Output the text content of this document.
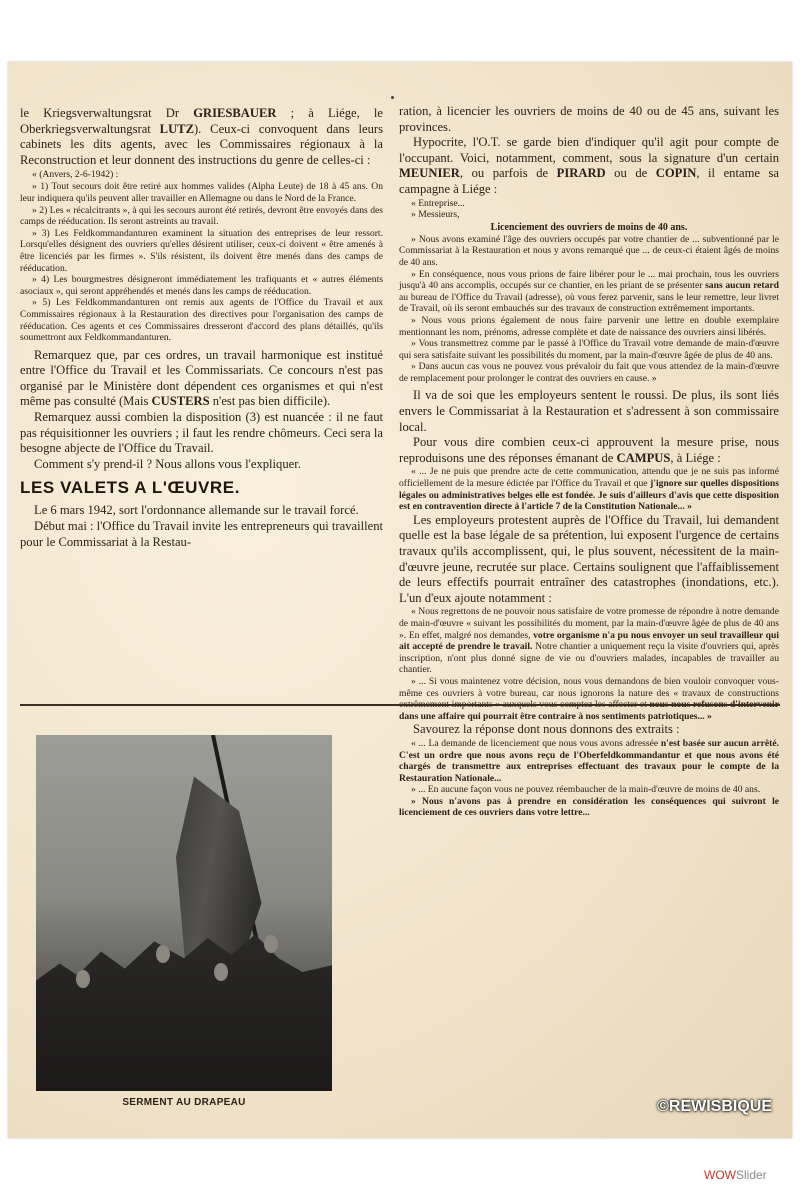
le Kriegsverwaltungsrat Dr GRIESBAUER ; à Liége, le Oberkriegsverwaltungsrat LUTZ). Ceux-ci convoquent dans leurs cabinets les dits agents, avec les Commissaires régionaux à la Reconstruction et leur donnent des instructions du genre de celles-ci :

« (Anvers, 2-6-1942) :

» 1) Tout secours doit être retiré aux hommes valides (Alpha Leute) de 18 à 45 ans. On leur indiquera qu'ils peuvent aller travailler en Allemagne ou dans le Nord de la France.

» 2) Les « récalcitrants », à qui les secours auront été retirés, devront être envoyés dans des camps de rééducation. Ils seront astreints au travail.

» 3) Les Feldkommandanturen examinent la situation des entreprises de leur ressort. Lorsqu'elles désignent des ouvriers qu'elles désirent utiliser, ceux-ci doivent « être amenés à être licenciés par les firmes ». S'ils résistent, ils doivent être menés dans des camps de rééducation.

» 4) Les bourgmestres désigneront immédiatement les trafiquants et « autres éléments asociaux », qui seront appréhendés et menés dans les camps de rééducation.

» 5) Les Feldkommandanturen ont remis aux agents de l'Office du Travail et aux Commissaires régionaux à la Restauration des directives pour l'organisation des camps de rééducation. Ces agents et ces Commissaires dresseront d'accord des plans détaillés, qu'ils soumettront aux Feldkommandanturen.

Remarquez que, par ces ordres, un travail harmonique est institué entre l'Office du Travail et les Commissariats. Ce concours n'est pas organisé par le Ministère dont dépendent ces organismes et qui n'est même pas consulté (Mais CUSTERS n'est pas bien difficile).

Remarquez aussi combien la disposition (3) est nuancée : il ne faut pas réquisitionner les ouvriers ; il faut les rendre chômeurs. Ceci sera la besogne abjecte de l'Office du Travail.

Comment s'y prend-il ? Nous allons vous l'expliquer.

LES VALETS A L'ŒUVRE.

Le 6 mars 1942, sort l'ordonnance allemande sur le travail forcé.

Début mai : l'Office du Travail invite les entrepreneurs qui travaillent pour le Commissariat à la Restau-

ration, à licencier les ouvriers de moins de 40 ou de 45 ans, suivant les provinces.

Hypocrite, l'O.T. se garde bien d'indiquer qu'il agit pour compte de l'occupant. Voici, notamment, comment, sous la signature d'un certain MEUNIER, ou parfois de PIRARD ou de COPIN, il entame sa campagne à Liége :

« Entreprise...

» Messieurs,

Licenciement des ouvriers de moins de 40 ans.

» Nous avons examiné l'âge des ouvriers occupés par votre chantier de ... subventionné par le Commissariat à la Restauration et nous y avons remarqué que ... de ceux-ci étaient âgés de moins de 40 ans.

» En conséquence, nous vous prions de faire libérer pour le ... mai prochain, tous les ouvriers jusqu'à 40 ans accomplis, occupés sur ce chantier, en les priant de se présenter sans aucun retard au bureau de l'Office du Travail (adresse), où vous ferez parvenir, sans le leur remettre, leur livret de Travail, où ils seront embauchés sur des travaux de construction extrêmement importants.

» Nous vous prions également de nous faire parvenir une lettre en double exemplaire mentionnant les nom, prénoms, adresse complète et date de naissance des ouvriers ainsi libérés.

» Vous transmettrez comme par le passé à l'Office du Travail votre demande de main-d'œuvre qui sera satisfaite suivant les possibilités du moment, par la main-d'œuvre âgée de plus de 40 ans.

» Dans aucun cas vous ne pouvez vous prévaloir du fait que vous attendez de la main-d'œuvre de remplacement pour prolonger le contrat des ouvriers en cause. »

Il va de soi que les employeurs sentent le roussi. De plus, ils sont liés envers le Commissariat à la Restauration et s'adressent à son commissaire local.

Pour vous dire combien ceux-ci approuvent la mesure prise, nous reproduisons une des réponses émanant de CAMPUS, à Liége :

« ... Je ne puis que prendre acte de cette communication, attendu que je ne suis pas informé officiellement de la mesure édictée par l'Office du Travail et que j'ignore sur quelles dispositions légales ou administratives belges elle est fondée. Je suis d'ailleurs d'avis que cette disposition est en contravention directe à l'article 7 de la Constitution Nationale... »

Les employeurs protestent auprès de l'Office du Travail, lui demandent quelle est la base légale de sa prétention, lui exposent l'urgence de certains travaux qu'ils accomplissent, qui, le plus souvent, nécessitent de la main-d'œuvre jeune, recrutée sur place. Certains soulignent que l'affaiblissement de leurs effectifs pourrait entraîner des catastrophes (inondations, etc.). L'un d'eux ajoute notamment :

« Nous regrettons de ne pouvoir nous satisfaire de votre promesse de répondre à notre demande de main-d'œuvre « suivant les possibilités du moment, par la main-d'œuvre âgée de plus de 40 ans ». En effet, malgré nos demandes, votre organisme n'a pu nous envoyer un seul travailleur qui ait accepté de prendre le travail. Notre chantier a uniquement reçu la visite d'ouvriers qui, après inscription, n'ont plus donné signe de vie ou d'ouvriers malades, incapables de travailler au chantier.

» ... Si vous maintenez votre décision, nous vous demandons de bien vouloir convoquer vous-même ces ouvriers à votre bureau, car nous ignorons la nature des « travaux de constructions dans une affaire qui pourrait être contraire à nos sentiments patriotiques... »

Savourez la réponse dont nous donnons des extraits :

« ... La demande de licenciement que nous vous avons adressée n'est basée sur aucun arrêté. C'est un ordre que nous avons reçu de l'Oberfeldkommandantur et que nous avons été chargés de transmettre aux entreprises effectuant des travaux pour le compte de la Restauration Nationale...

» ... En aucune façon vous ne pouvez réembaucher de la main-d'œuvre de moins de 40 ans.

» Nous n'avons pas à prendre en considération les conséquences qui suivront le licenciement de ces ouvriers dans votre lettre...

SERMENT AU DRAPEAU	©REWISBIQUE
WOWSlider
